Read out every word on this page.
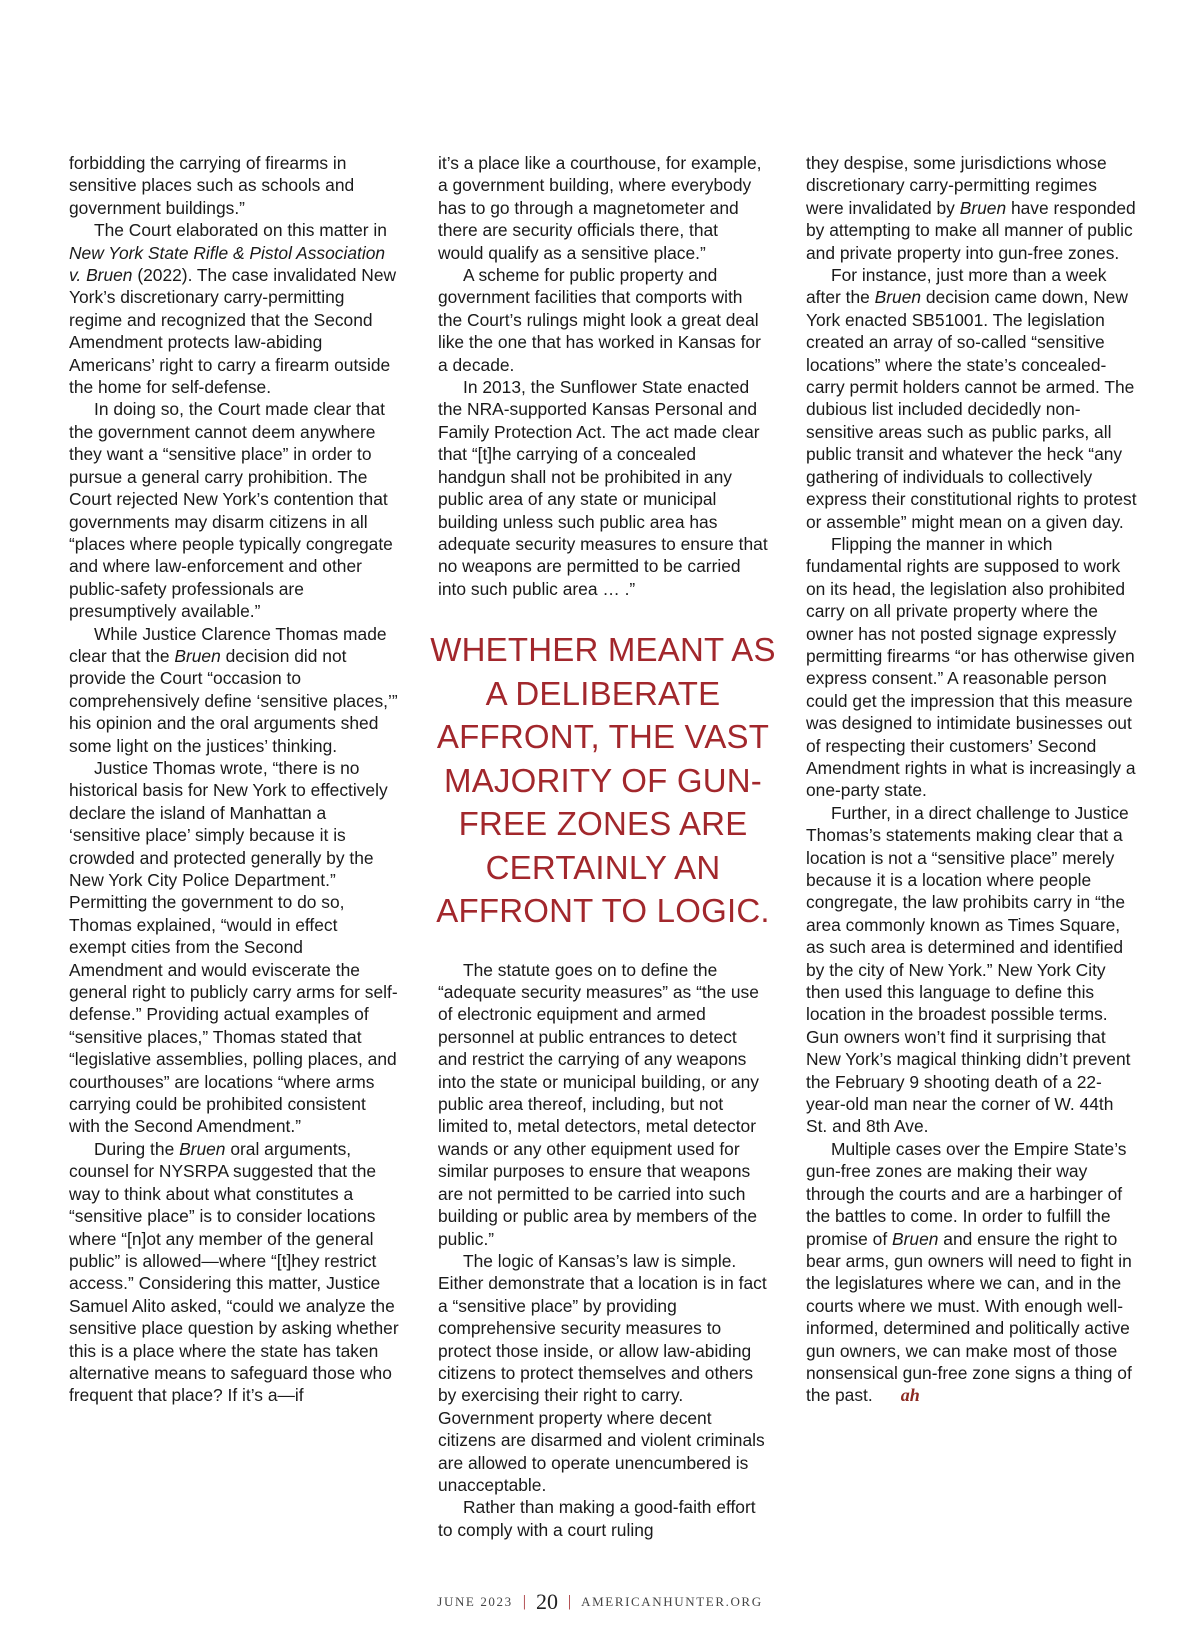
forbidding the carrying of firearms in sensitive places such as schools and government buildings.”

The Court elaborated on this matter in New York State Rifle & Pistol Association v. Bruen (2022). The case invalidated New York’s discretionary carry-permitting regime and recognized that the Second Amendment protects law-abiding Americans’ right to carry a firearm outside the home for self-defense.

In doing so, the Court made clear that the government cannot deem anywhere they want a “sensitive place” in order to pursue a general carry prohibition. The Court rejected New York’s contention that governments may disarm citizens in all “places where people typically congregate and where law-enforcement and other public-safety professionals are presumptively available.”

While Justice Clarence Thomas made clear that the Bruen decision did not provide the Court “occasion to comprehensively define ‘sensitive places,’” his opinion and the oral arguments shed some light on the justices’ thinking.

Justice Thomas wrote, “there is no historical basis for New York to effectively declare the island of Manhattan a ‘sensitive place’ simply because it is crowded and protected generally by the New York City Police Department.” Permitting the government to do so, Thomas explained, “would in effect exempt cities from the Second Amendment and would eviscerate the general right to publicly carry arms for self-defense.” Providing actual examples of “sensitive places,” Thomas stated that “legislative assemblies, polling places, and courthouses” are locations “where arms carrying could be prohibited consistent with the Second Amendment.”

During the Bruen oral arguments, counsel for NYSRPA suggested that the way to think about what constitutes a “sensitive place” is to consider locations where “[n]ot any member of the general public” is allowed—where “[t]hey restrict access.” Considering this matter, Justice Samuel Alito asked, “could we analyze the sensitive place question by asking whether this is a place where the state has taken alternative means to safeguard those who frequent that place? If it’s a—if

it’s a place like a courthouse, for example, a government building, where everybody has to go through a magnetometer and there are security officials there, that would qualify as a sensitive place.”

A scheme for public property and government facilities that comports with the Court’s rulings might look a great deal like the one that has worked in Kansas for a decade.

In 2013, the Sunflower State enacted the NRA-supported Kansas Personal and Family Protection Act. The act made clear that “[t]he carrying of a concealed handgun shall not be prohibited in any public area of any state or municipal building unless such public area has adequate security measures to ensure that no weapons are permitted to be carried into such public area … .”

WHETHER MEANT AS A DELIBERATE AFFRONT, THE VAST MAJORITY OF GUN-FREE ZONES ARE CERTAINLY AN AFFRONT TO LOGIC.

The statute goes on to define the “adequate security measures” as “the use of electronic equipment and armed personnel at public entrances to detect and restrict the carrying of any weapons into the state or municipal building, or any public area thereof, including, but not limited to, metal detectors, metal detector wands or any other equipment used for similar purposes to ensure that weapons are not permitted to be carried into such building or public area by members of the public.”

The logic of Kansas’s law is simple. Either demonstrate that a location is in fact a “sensitive place” by providing comprehensive security measures to protect those inside, or allow law-abiding citizens to protect themselves and others by exercising their right to carry. Government property where decent citizens are disarmed and violent criminals are allowed to operate unencumbered is unacceptable.

Rather than making a good-faith effort to comply with a court ruling

they despise, some jurisdictions whose discretionary carry-permitting regimes were invalidated by Bruen have responded by attempting to make all manner of public and private property into gun-free zones.

For instance, just more than a week after the Bruen decision came down, New York enacted SB51001. The legislation created an array of so-called “sensitive locations” where the state’s concealed-carry permit holders cannot be armed. The dubious list included decidedly non-sensitive areas such as public parks, all public transit and whatever the heck “any gathering of individuals to collectively express their constitutional rights to protest or assemble” might mean on a given day.

Flipping the manner in which fundamental rights are supposed to work on its head, the legislation also prohibited carry on all private property where the owner has not posted signage expressly permitting firearms “or has otherwise given express consent.” A reasonable person could get the impression that this measure was designed to intimidate businesses out of respecting their customers’ Second Amendment rights in what is increasingly a one-party state.

Further, in a direct challenge to Justice Thomas’s statements making clear that a location is not a “sensitive place” merely because it is a location where people congregate, the law prohibits carry in “the area commonly known as Times Square, as such area is determined and identified by the city of New York.” New York City then used this language to define this location in the broadest possible terms. Gun owners won’t find it surprising that New York’s magical thinking didn’t prevent the February 9 shooting death of a 22-year-old man near the corner of W. 44th St. and 8th Ave.

Multiple cases over the Empire State’s gun-free zones are making their way through the courts and are a harbinger of the battles to come. In order to fulfill the promise of Bruen and ensure the right to bear arms, gun owners will need to fight in the legislatures where we can, and in the courts where we must. With enough well-informed, determined and politically active gun owners, we can make most of those nonsensical gun-free zone signs a thing of the past. ah

JUNE 2023 | 20 | AMERICANHUNTER.ORG
